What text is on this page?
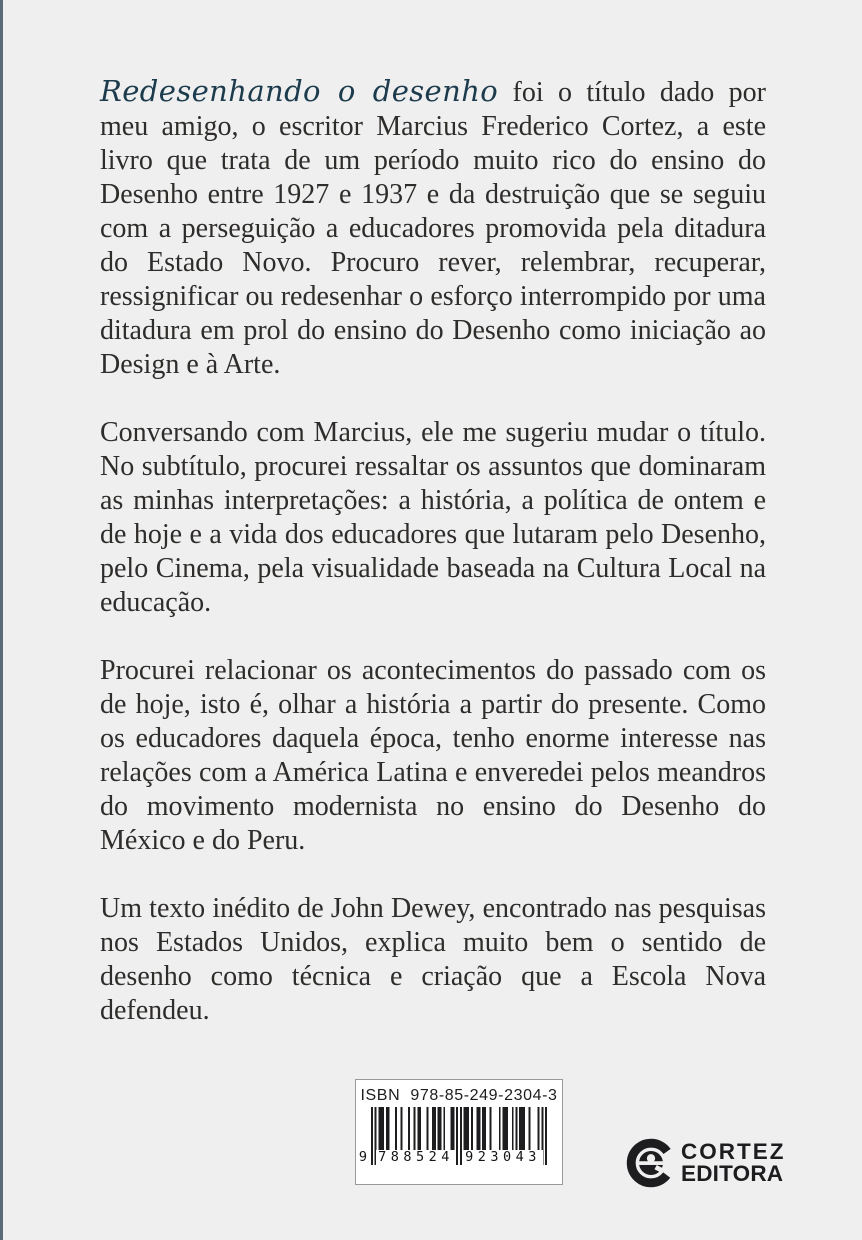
Redesenhando o desenho foi o título dado por meu amigo, o escritor Marcius Frederico Cortez, a este livro que trata de um período muito rico do ensino do Desenho entre 1927 e 1937 e da destruição que se seguiu com a perseguição a educadores promovida pela ditadura do Estado Novo. Procuro rever, relembrar, recuperar, ressignificar ou redesenhar o esforço interrompido por uma ditadura em prol do ensino do Desenho como iniciação ao Design e à Arte.

Conversando com Marcius, ele me sugeriu mudar o título. No subtítulo, procurei ressaltar os assuntos que dominaram as minhas interpretações: a história, a política de ontem e de hoje e a vida dos educadores que lutaram pelo Desenho, pelo Cinema, pela visualidade baseada na Cultura Local na educação.

Procurei relacionar os acontecimentos do passado com os de hoje, isto é, olhar a história a partir do presente. Como os educadores daquela época, tenho enorme interesse nas relações com a América Latina e enveredei pelos meandros do movimento modernista no ensino do Desenho do México e do Peru.

Um texto inédito de John Dewey, encontrado nas pesquisas nos Estados Unidos, explica muito bem o sentido de desenho como técnica e criação que a Escola Nova defendeu.

ISBN  978-85-249-2304-3
9 788524 923043	CORTEZ
EDITORA
